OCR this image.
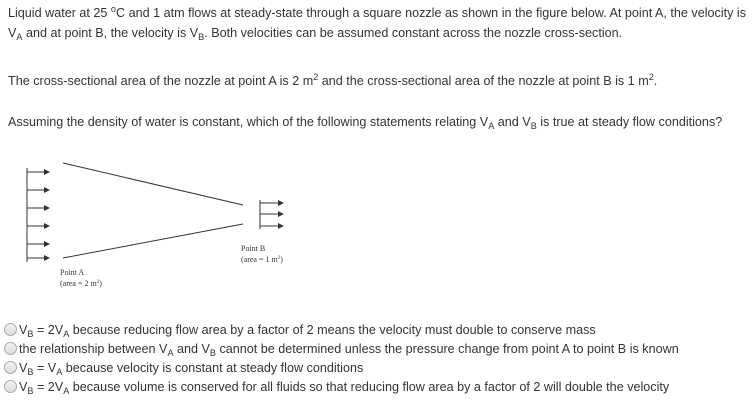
Liquid water at 25 $^o$C and 1 atm flows at steady-state through a square nozzle as shown in the figure below. At point A, the velocity is $V_A$ and at point B, the velocity is $V_B$. Both velocities can be assumed constant across the nozzle cross-section.
The cross-sectional area of the nozzle at point A is 2 $m^2$ and the cross-sectional area of the nozzle at point B is 1 $m^2$.
Assuming the density of water is constant, which of the following statements relating $V_A$ and $V_B$ is true at steady flow conditions?
Point B
(area = 1 $m^2$)
Point A
(area = 2 $m^2$)
$V_B = 2V_A$ because reducing flow area by a factor of 2 means the velocity must double to conserve mass
the relationship between $V_A$ and $V_B$ cannot be determined unless the pressure change from point A to point B is known
$V_B = V_A$ because velocity is constant at steady flow conditions
$V_B = 2V_A$ because volume is conserved for all fluids so that reducing flow area by a factor of 2 will double the velocity
